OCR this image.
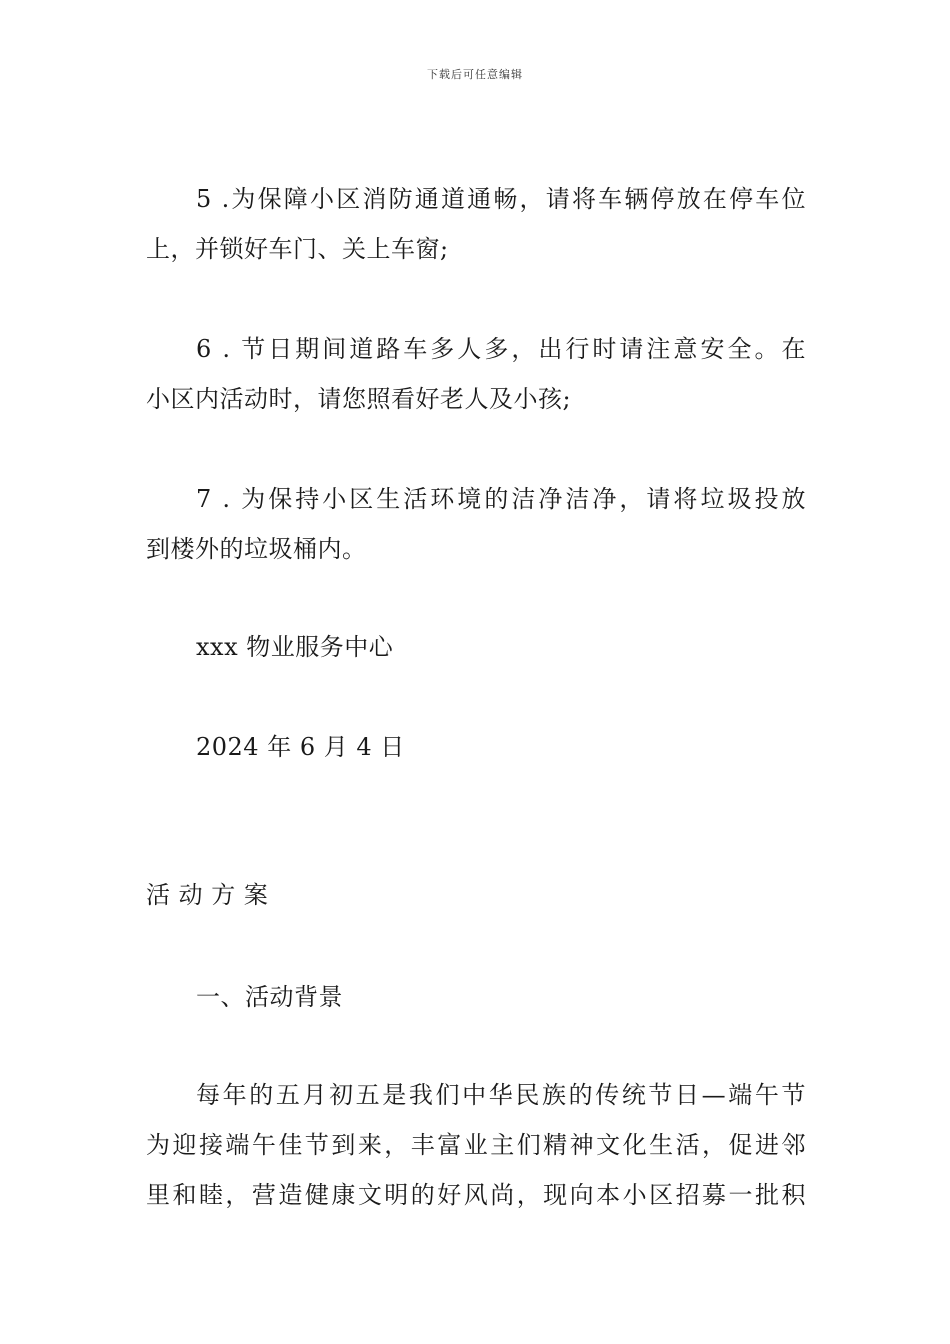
下载后可任意编辑
5 .为保障小区消防通道通畅，请将车辆停放在停车位
上，并锁好车门、关上车窗;
6 . 节日期间道路车多人多，出行时请注意安全。在
小区内活动时，请您照看好老人及小孩;
7 . 为保持小区生活环境的洁净洁净，请将垃圾投放
到楼外的垃圾桶内。
xxx 物业服务中心
2024 年 6 月 4 日
活 动 方 案
一、活动背景
每年的五月初五是我们中华民族的传统节日—端午节
为迎接端午佳节到来，丰富业主们精神文化生活，促进邻
里和睦，营造健康文明的好风尚，现向本小区招募一批积
